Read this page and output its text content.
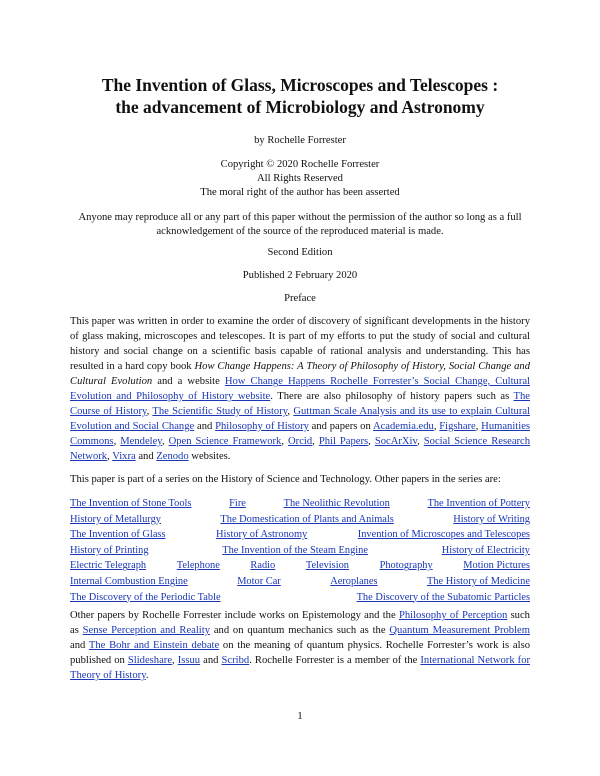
The Invention of Glass, Microscopes and Telescopes :
the advancement of Microbiology and Astronomy
by Rochelle Forrester
Copyright © 2020 Rochelle Forrester
All Rights Reserved
The moral right of the author has been asserted
Anyone may reproduce all or any part of this paper without the permission of the author so long as a full
acknowledgement of the source of the reproduced material is made.
Second Edition
Published 2 February 2020
Preface

This paper was written in order to examine the order of discovery of significant developments in the history of glass making, microscopes and telescopes. It is part of my efforts to put the study of social and cultural history and social change on a scientific basis capable of rational analysis and understanding. This has resulted in a hard copy book How Change Happens: A Theory of Philosophy of History, Social Change and Cultural Evolution and a website How Change Happens Rochelle Forrester’s Social Change, Cultural Evolution and Philosophy of History website. There are also philosophy of history papers such as The Course of History, The Scientific Study of History, Guttman Scale Analysis and its use to explain Cultural Evolution and Social Change and Philosophy of History and papers on Academia.edu, Figshare, Humanities Commons, Mendeley, Open Science Framework, Orcid, Phil Papers, SocArXiv, Social Science Research Network, Vixra and Zenodo websites.

This paper is part of a series on the History of Science and Technology. Other papers in the series are:

The Invention of Stone Tools	Fire	The Neolithic Revolution	The Invention of Pottery
History of Metallurgy	The Domestication of Plants and Animals	History of Writing
The Invention of Glass	History of Astronomy	Invention of Microscopes and Telescopes
History of Printing	The Invention of the Steam Engine	History of Electricity
Electric Telegraph	Telephone	Radio	Television	Photography	Motion Pictures
Internal Combustion Engine	Motor Car	Aeroplanes	The History of Medicine
The Discovery of the Periodic Table	The Discovery of the Subatomic Particles

Other papers by Rochelle Forrester include works on Epistemology and the Philosophy of Perception such as Sense Perception and Reality and on quantum mechanics such as the Quantum Measurement Problem and The Bohr and Einstein debate on the meaning of quantum physics. Rochelle Forrester’s work is also published on Slideshare, Issuu and Scribd. Rochelle Forrester is a member of the International Network for Theory of History.

1
